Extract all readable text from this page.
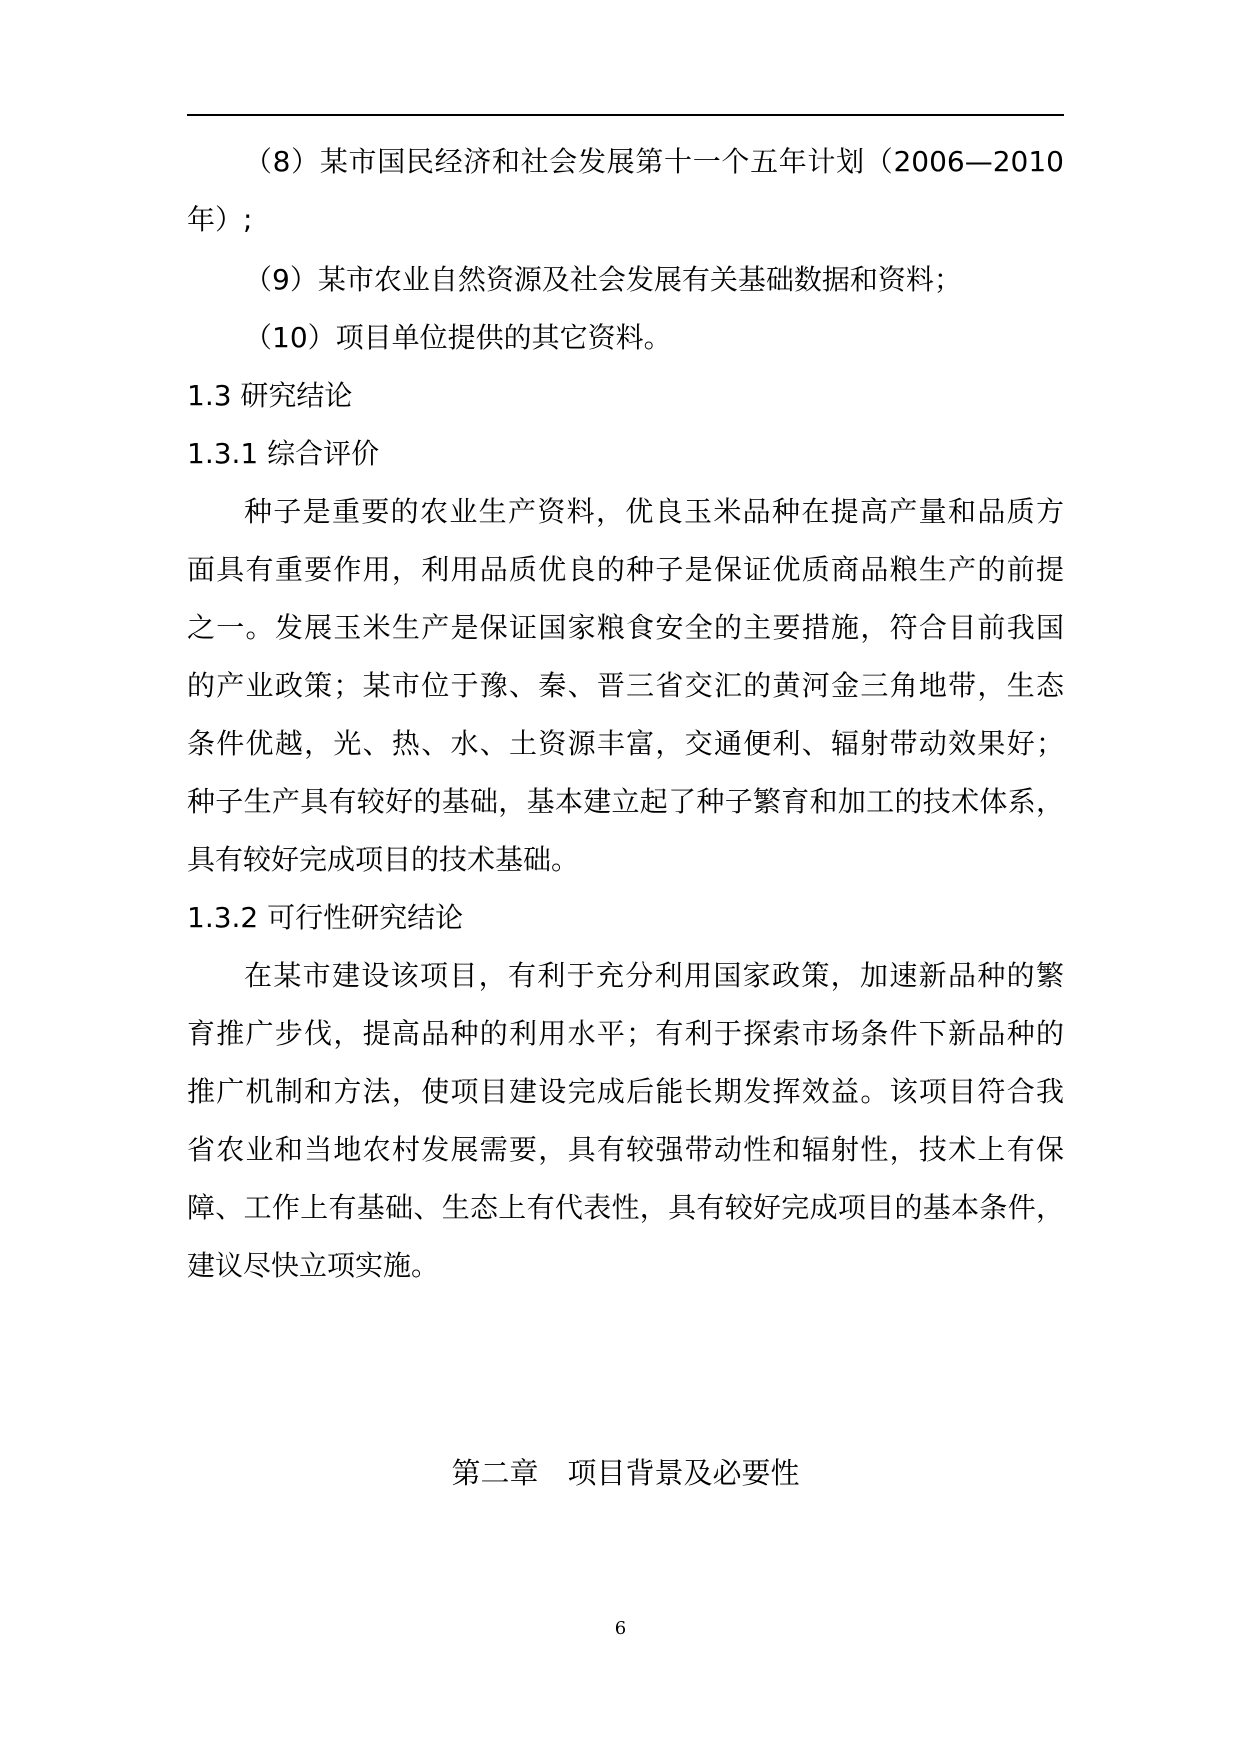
（8）某市国民经济和社会发展第十一个五年计划（2006—2010
年）;
（9）某市农业自然资源及社会发展有关基础数据和资料；
（10）项目单位提供的其它资料。
1.3 研究结论
1.3.1 综合评价
种子是重要的农业生产资料，优良玉米品种在提高产量和品质方
面具有重要作用，利用品质优良的种子是保证优质商品粮生产的前提
之一。发展玉米生产是保证国家粮食安全的主要措施，符合目前我国
的产业政策；某市位于豫、秦、晋三省交汇的黄河金三角地带，生态
条件优越，光、热、水、土资源丰富，交通便利、辐射带动效果好；
种子生产具有较好的基础，基本建立起了种子繁育和加工的技术体系，
具有较好完成项目的技术基础。
1.3.2 可行性研究结论
在某市建设该项目，有利于充分利用国家政策，加速新品种的繁
育推广步伐，提高品种的利用水平；有利于探索市场条件下新品种的
推广机制和方法，使项目建设完成后能长期发挥效益。该项目符合我
省农业和当地农村发展需要，具有较强带动性和辐射性，技术上有保
障、工作上有基础、生态上有代表性，具有较好完成项目的基本条件，
建议尽快立项实施。
第二章　项目背景及必要性
6
